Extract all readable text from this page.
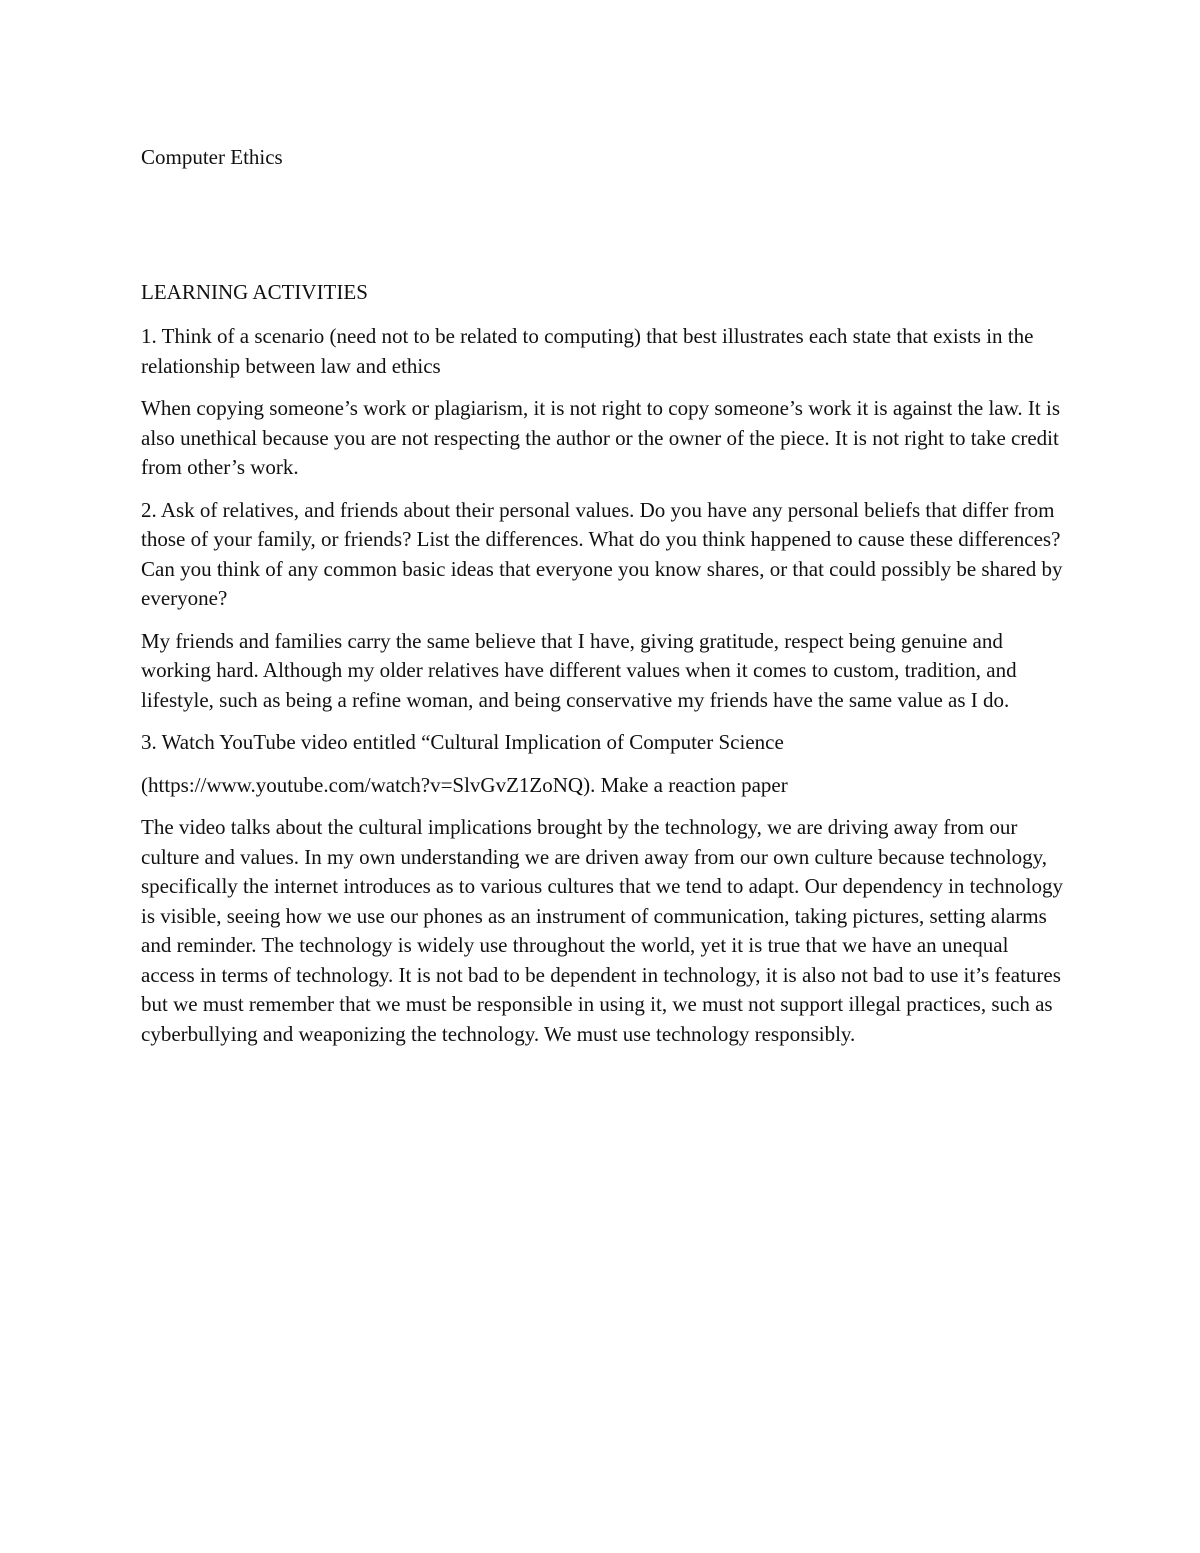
Computer Ethics

LEARNING ACTIVITIES

1. Think of a scenario (need not to be related to computing) that best illustrates each state that exists in the relationship between law and ethics

When copying someone’s work or plagiarism, it is not right to copy someone’s work it is against the law. It is also unethical because you are not respecting the author or the owner of the piece. It is not right to take credit from other’s work.

2. Ask of relatives, and friends about their personal values. Do you have any personal beliefs that differ from those of your family, or friends? List the differences. What do you think happened to cause these differences? Can you think of any common basic ideas that everyone you know shares, or that could possibly be shared by everyone?

My friends and families carry the same believe that I have, giving gratitude, respect being genuine and working hard. Although my older relatives have different values when it comes to custom, tradition, and lifestyle, such as being a refine woman, and being conservative my friends have the same value as I do.

3. Watch YouTube video entitled “Cultural Implication of Computer Science

(https://www.youtube.com/watch?v=SlvGvZ1ZoNQ). Make a reaction paper

The video talks about the cultural implications brought by the technology, we are driving away from our culture and values. In my own understanding we are driven away from our own culture because technology, specifically the internet introduces as to various cultures that we tend to adapt. Our dependency in technology is visible, seeing how we use our phones as an instrument of communication, taking pictures, setting alarms and reminder. The technology is widely use throughout the world, yet it is true that we have an unequal access in terms of technology. It is not bad to be dependent in technology, it is also not bad to use it’s features but we must remember that we must be responsible in using it, we must not support illegal practices, such as cyberbullying and weaponizing the technology. We must use technology responsibly.
